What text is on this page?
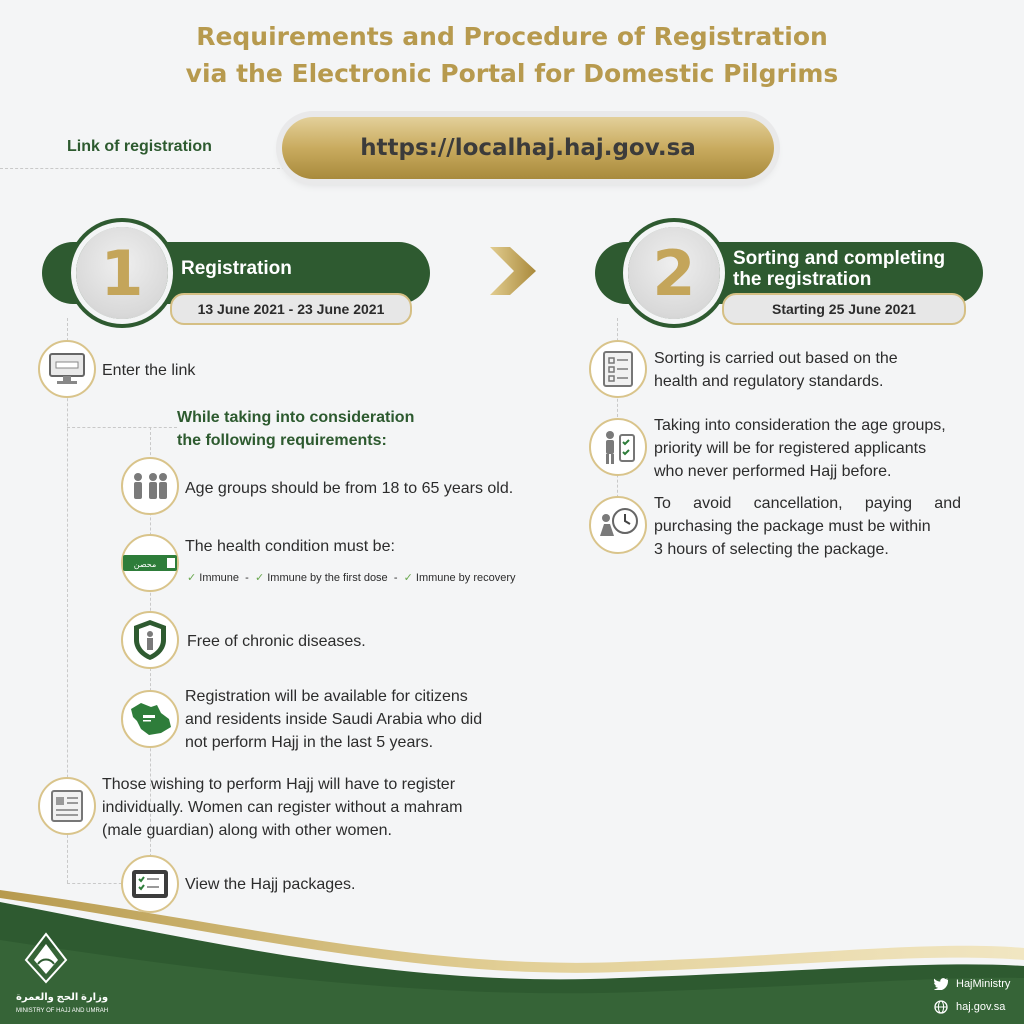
Requirements and Procedure of Registration
via the Electronic Portal for Domestic Pilgrims
Link of registration	https://localhaj.haj.gov.sa
1	Registration
13 June 2021 - 23 June 2021	2	Sorting and completing
the registration
Starting 25 June 2021
Enter the link
While taking into consideration
the following requirements:
Age groups should be from 18 to 65 years old.
محصن
The health condition must be:
✓ Immune - ✓ Immune by the first dose - ✓ Immune by recovery
Free of chronic diseases.
Registration will be available for citizens
and residents inside Saudi Arabia who did
not perform Hajj in the last 5 years.
Those wishing to perform Hajj will have to register
individually. Women can register without a mahram
(male guardian) along with other women.
View the Hajj packages.
Sorting is carried out based on the
health and regulatory standards.
Taking into consideration the age groups,
priority will be for registered applicants
who never performed Hajj before.
To avoid cancellation, paying and
purchasing the package must be within
3 hours of selecting the package.
وزارة الحج والعمرة
MINISTRY OF HAJJ AND UMRAH
HajMinistry
haj.gov.sa
